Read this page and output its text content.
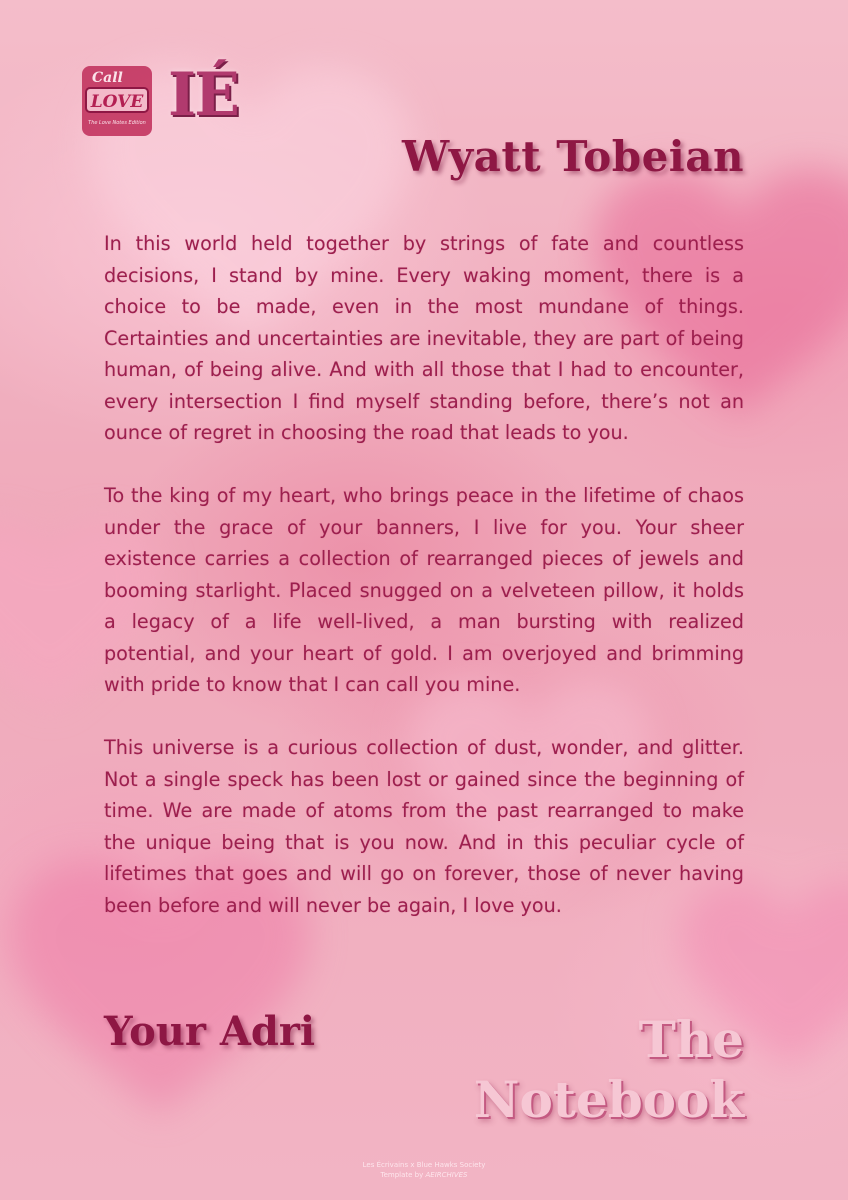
Call
LOVE
The Love Notes Edition IÉ
Wyatt Tobeian

In this world held together by strings of fate and countless decisions, I stand by mine. Every waking moment, there is a choice to be made, even in the most mundane of things. Certainties and uncertainties are inevitable, they are part of being human, of being alive. And with all those that I had to encounter, every intersection I find myself standing before, there’s not an ounce of regret in choosing the road that leads to you.

To the king of my heart, who brings peace in the lifetime of chaos under the grace of your banners, I live for you. Your sheer existence carries a collection of rearranged pieces of jewels and booming starlight. Placed snugged on a velveteen pillow, it holds a legacy of a life well-lived, a man bursting with realized potential, and your heart of gold. I am overjoyed and brimming with pride to know that I can call you mine.

This universe is a curious collection of dust, wonder, and glitter. Not a single speck has been lost or gained since the beginning of time. We are made of atoms from the past rearranged to make the unique being that is you now. And in this peculiar cycle of lifetimes that goes and will go on forever, those of never having been before and will never be again, I love you.

Your Adri	The
Notebook
Les Écrivains x Blue Hawks Society
Template by AEIRCHIVES
